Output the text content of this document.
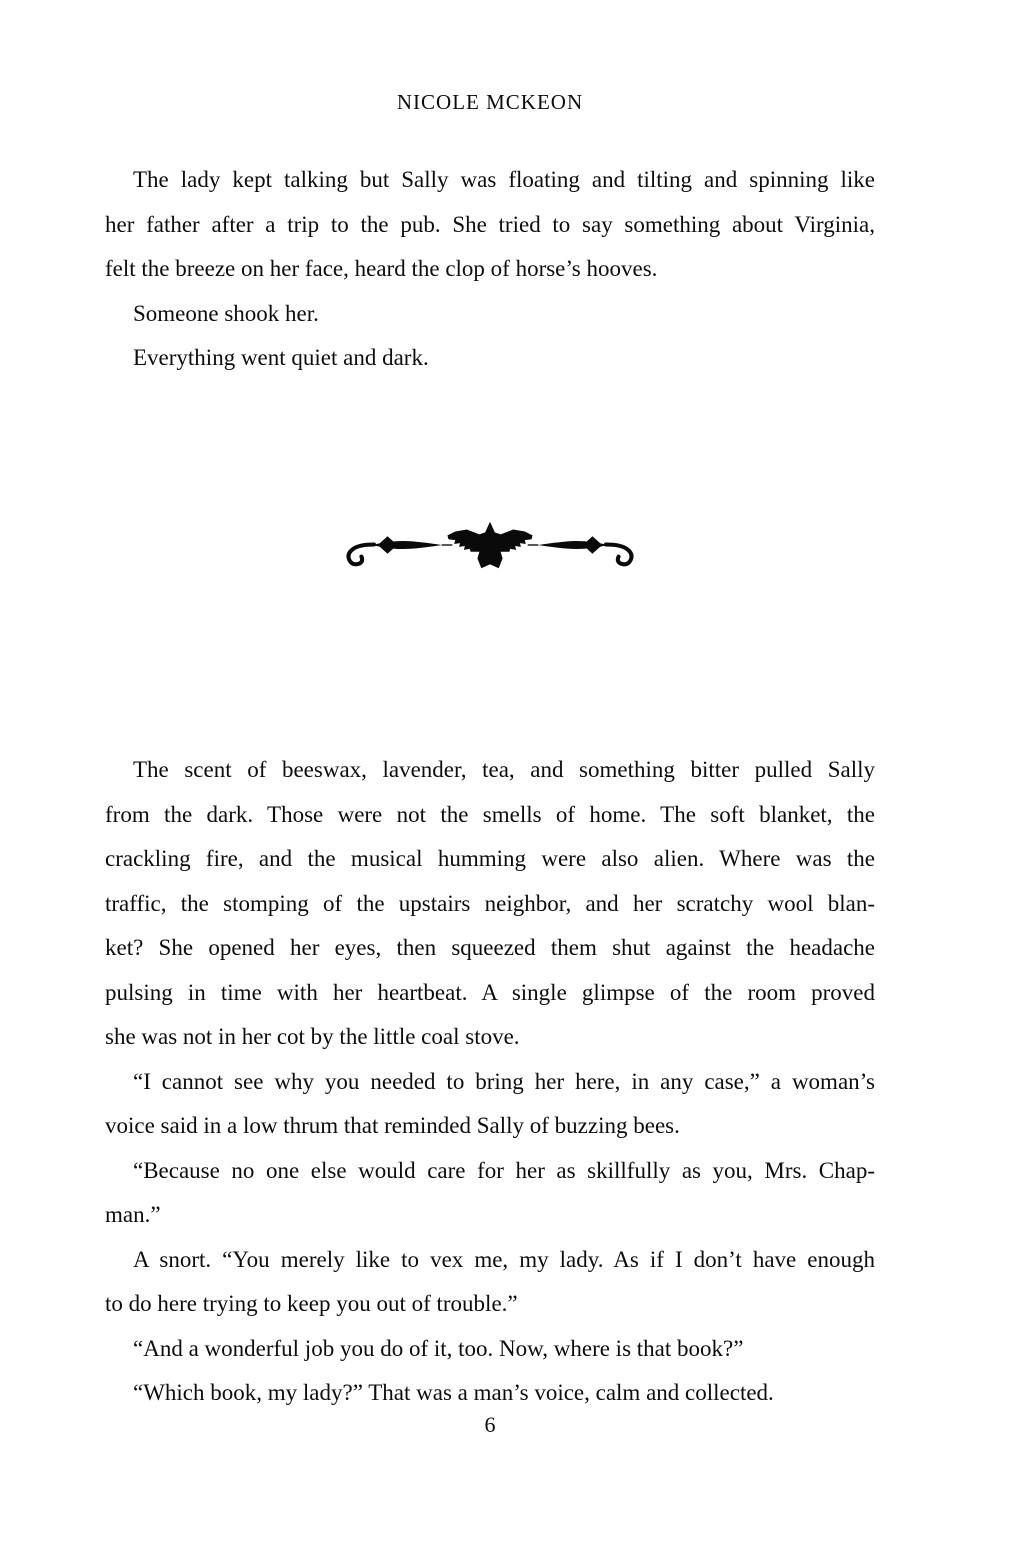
NICOLE MCKEON
The lady kept talking but Sally was floating and tilting and spinning like
her father after a trip to the pub. She tried to say something about Virginia,
felt the breeze on her face, heard the clop of horse’s hooves.
Someone shook her.
Everything went quiet and dark.
The scent of beeswax, lavender, tea, and something bitter pulled Sally
from the dark. Those were not the smells of home. The soft blanket, the
crackling fire, and the musical humming were also alien. Where was the
traffic, the stomping of the upstairs neighbor, and her scratchy wool blan-
ket? She opened her eyes, then squeezed them shut against the headache
pulsing in time with her heartbeat. A single glimpse of the room proved
she was not in her cot by the little coal stove.
“I cannot see why you needed to bring her here, in any case,” a woman’s
voice said in a low thrum that reminded Sally of buzzing bees.
“Because no one else would care for her as skillfully as you, Mrs. Chap-
man.”
A snort. “You merely like to vex me, my lady. As if I don’t have enough
to do here trying to keep you out of trouble.”
“And a wonderful job you do of it, too. Now, where is that book?”
“Which book, my lady?” That was a man’s voice, calm and collected.
6
